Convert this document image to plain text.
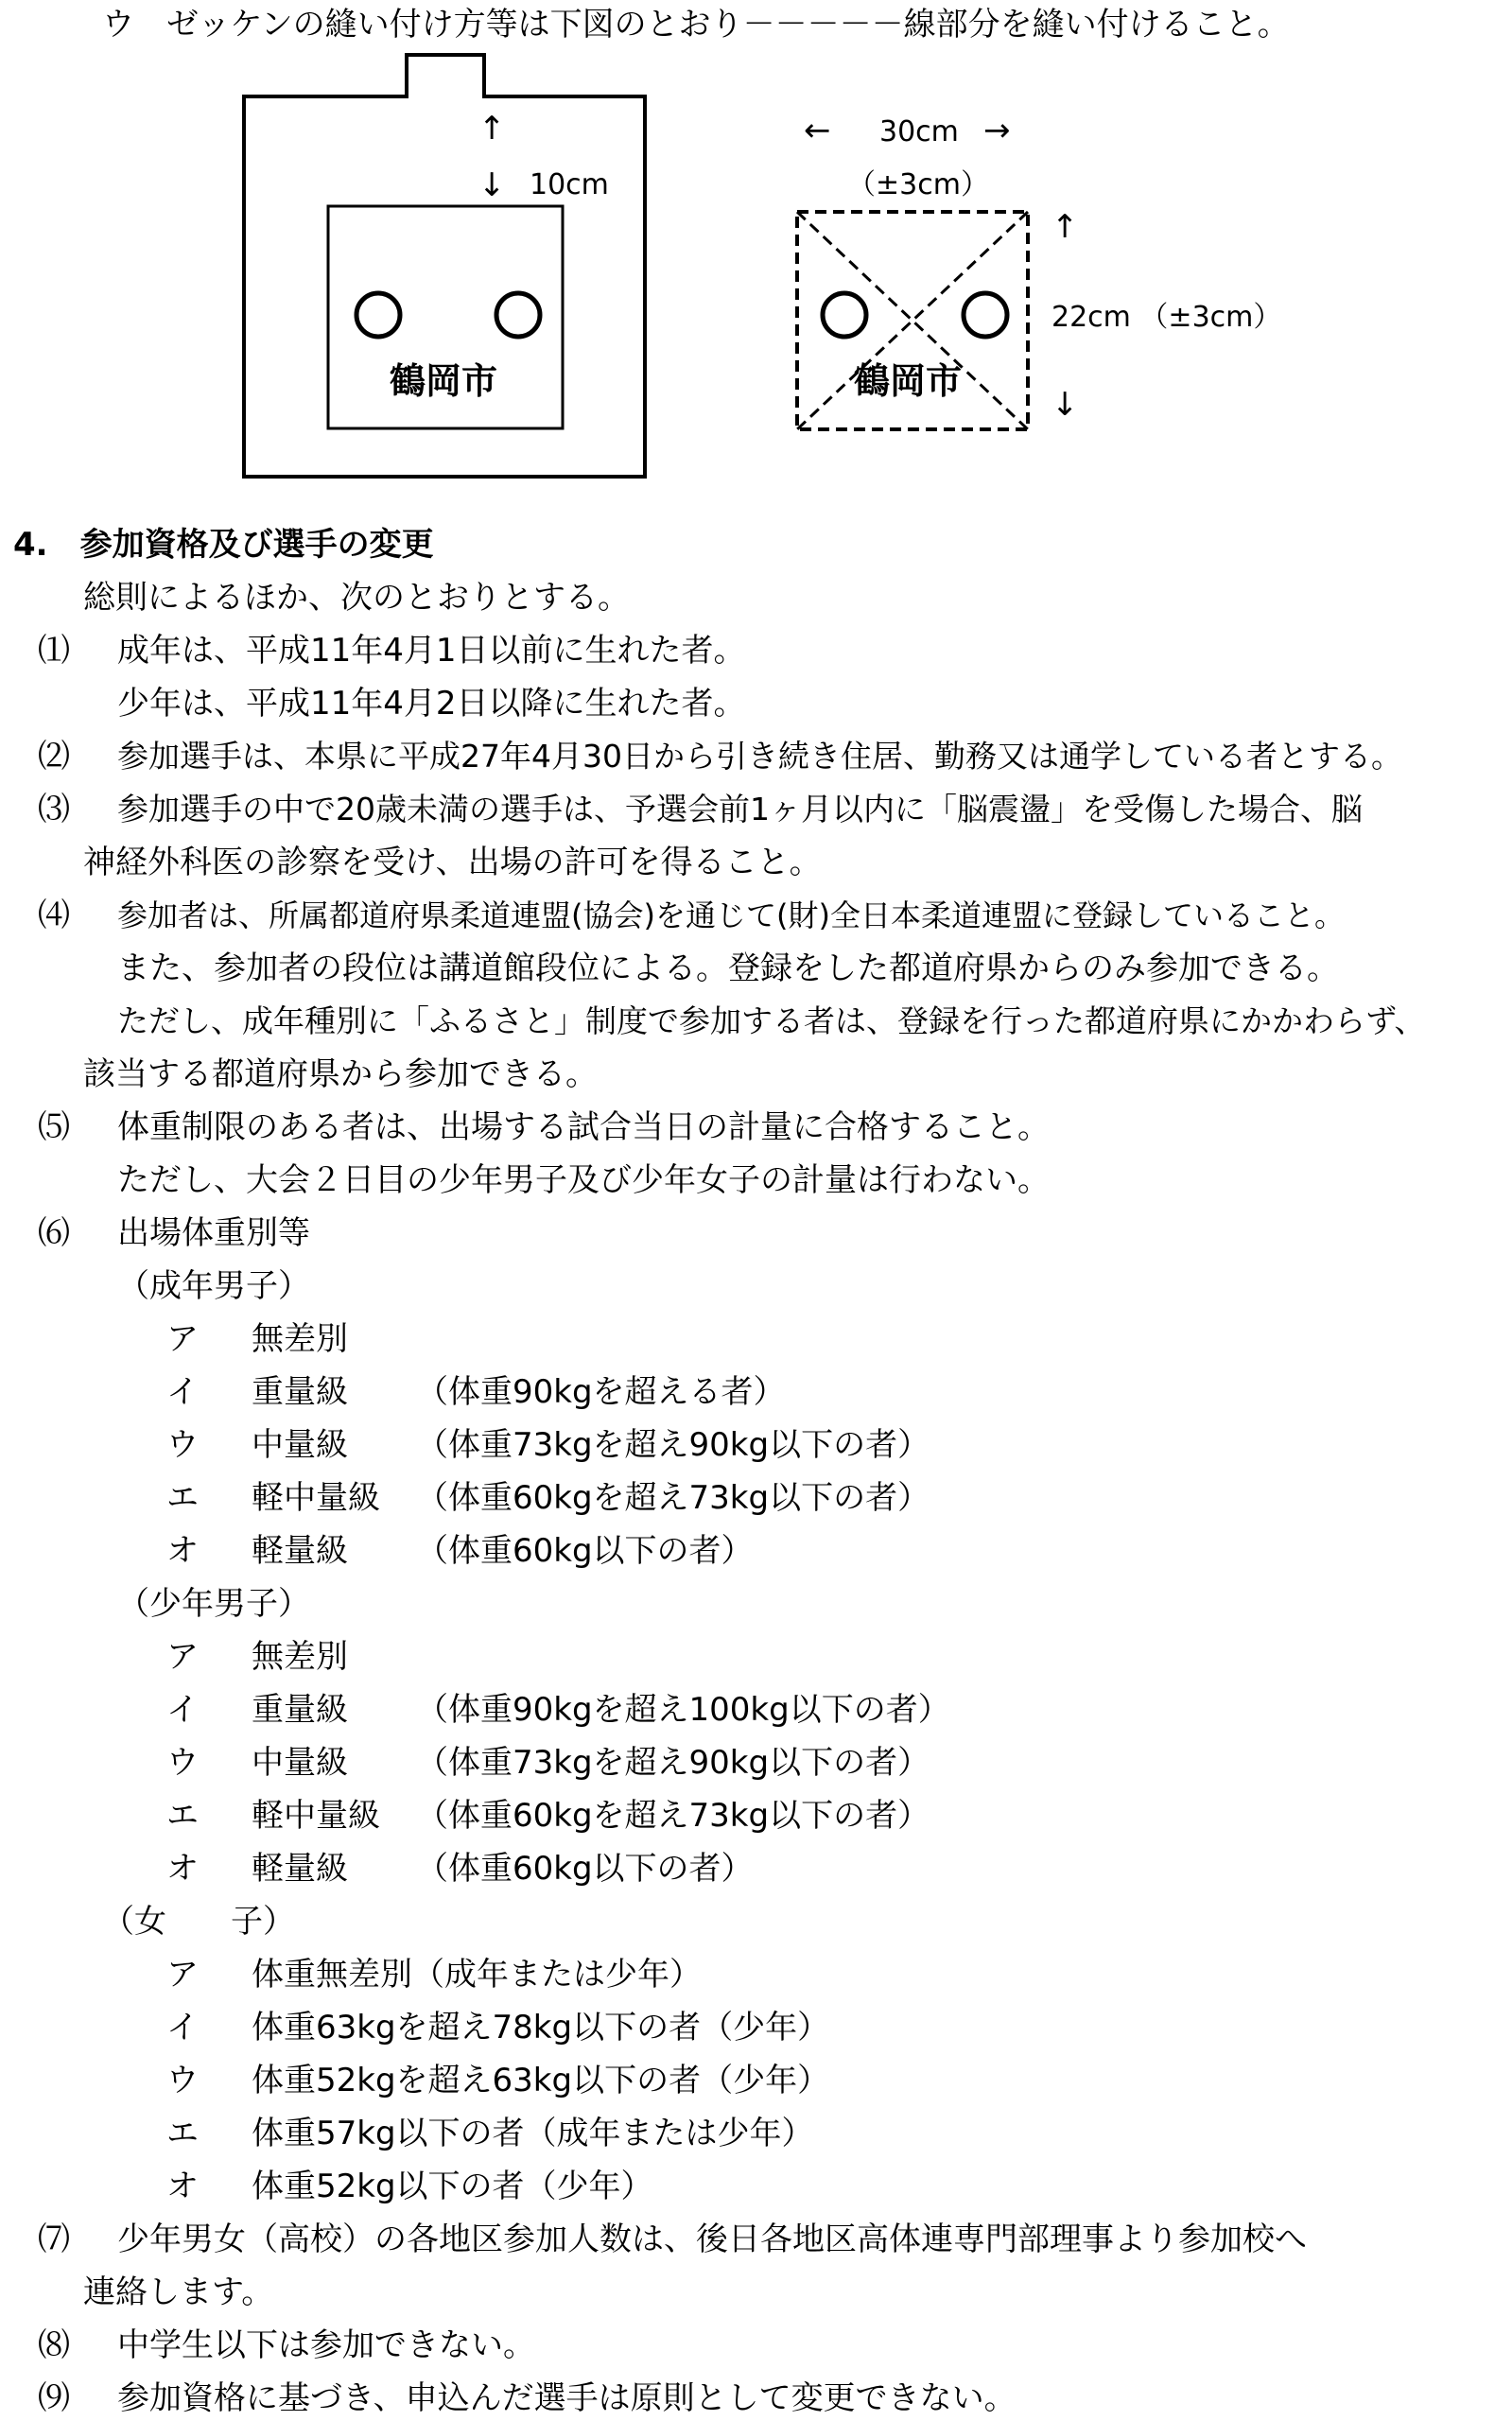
ウ　ゼッケンの縫い付け方等は下図のとおり－－－－－線部分を縫い付けること。
↑
↓ 10cm
鶴岡市
← 30cm →
（±3cm）
↑
22cm （±3cm）
↓
鶴岡市
4.　参加資格及び選手の変更
総則によるほか、次のとおりとする。
⑴ 成年は、平成11年4月1日以前に生れた者。
少年は、平成11年4月2日以降に生れた者。
⑵ 参加選手は、本県に平成27年4月30日から引き続き住居、勤務又は通学している者とする。
⑶ 参加選手の中で20歳未満の選手は、予選会前1ヶ月以内に「脳震盪」を受傷した場合、脳
神経外科医の診察を受け、出場の許可を得ること。
⑷ 参加者は、所属都道府県柔道連盟(協会)を通じて(財)全日本柔道連盟に登録していること。
また、参加者の段位は講道館段位による。登録をした都道府県からのみ参加できる。
ただし、成年種別に「ふるさと」制度で参加する者は、登録を行った都道府県にかかわらず、
該当する都道府県から参加できる。
⑸ 体重制限のある者は、出場する試合当日の計量に合格すること。
ただし、大会２日目の少年男子及び少年女子の計量は行わない。
⑹ 出場体重別等
（成年男子）
ア 無差別
イ 重量級 （体重90kgを超える者）
ウ 中量級 （体重73kgを超え90kg以下の者）
エ 軽中量級 （体重60kgを超え73kg以下の者）
オ 軽量級 （体重60kg以下の者）
（少年男子）
ア 無差別
イ 重量級 （体重90kgを超え100kg以下の者）
ウ 中量級 （体重73kgを超え90kg以下の者）
エ 軽中量級 （体重60kgを超え73kg以下の者）
オ 軽量級 （体重60kg以下の者）
（女　　子）
ア 体重無差別（成年または少年）
イ 体重63kgを超え78kg以下の者（少年）
ウ 体重52kgを超え63kg以下の者（少年）
エ 体重57kg以下の者（成年または少年）
オ 体重52kg以下の者（少年）
⑺ 少年男女（高校）の各地区参加人数は、後日各地区高体連専門部理事より参加校へ
連絡します。
⑻ 中学生以下は参加できない。
⑼ 参加資格に基づき、申込んだ選手は原則として変更できない。
